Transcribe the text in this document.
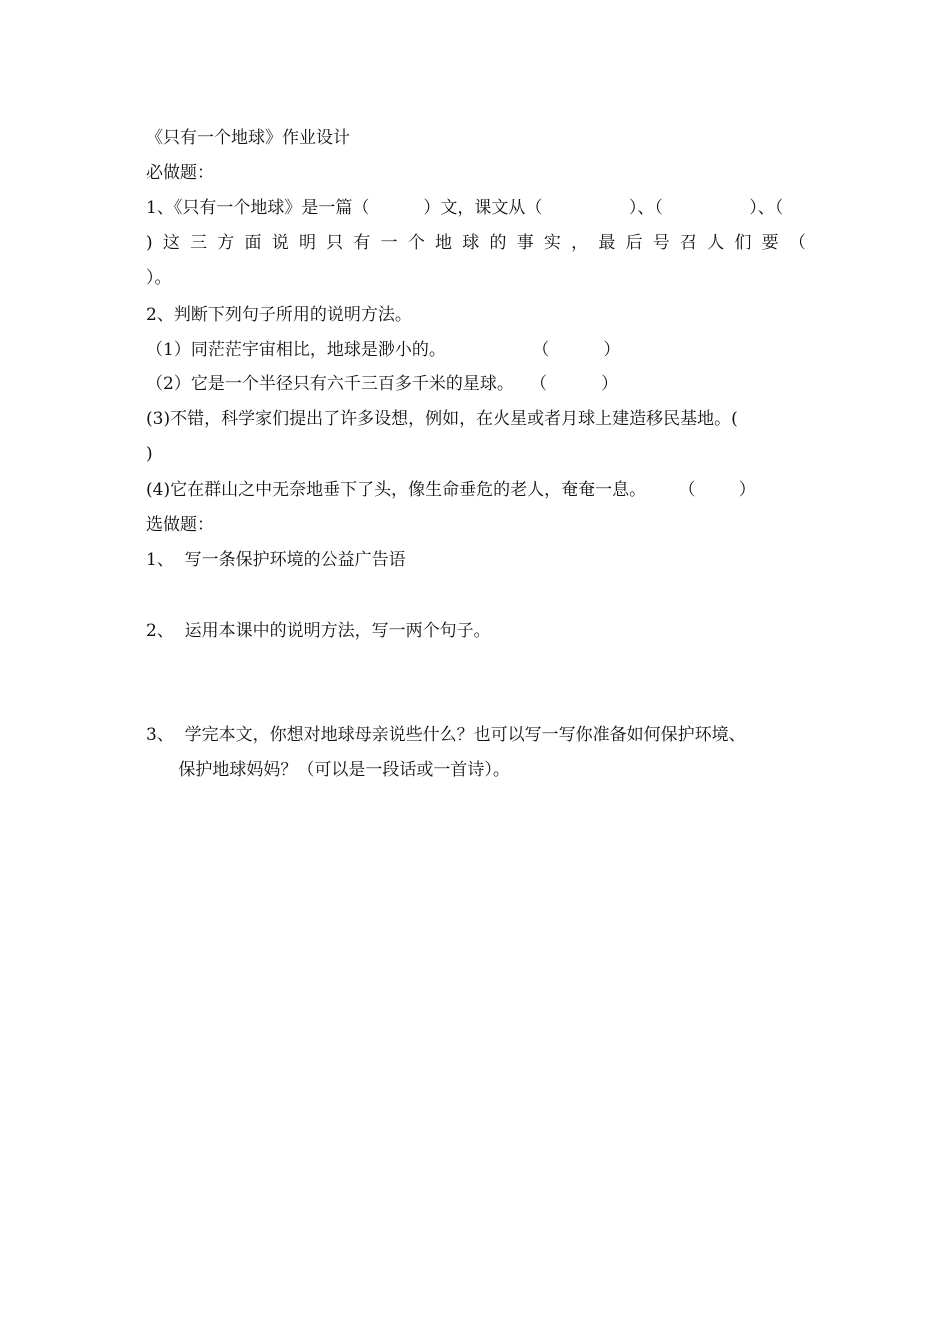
《只有一个地球》作业设计
必做题：
1、《只有一个地球》是一篇（          ）文，课文从（                ）、（                ）、（
) 这 三 方 面 说 明 只 有 一 个 地 球 的 事 实 ， 最 后 号 召 人 们 要 （
）。
2、判断下列句子所用的说明方法。
（1）同茫茫宇宙相比，地球是渺小的。                （          ）
（2）它是一个半径只有六千三百多千米的星球。   （          ）
(3)不错，科学家们提出了许多设想，例如，在火星或者月球上建造移民基地。(
)
(4)它在群山之中无奈地垂下了头，像生命垂危的老人，奄奄一息。      （        ）
选做题：
1、  写一条保护环境的公益广告语
2、  运用本课中的说明方法，写一两个句子。
3、  学完本文，你想对地球母亲说些什么？也可以写一写你准备如何保护环境、
保护地球妈妈？（可以是一段话或一首诗）。
